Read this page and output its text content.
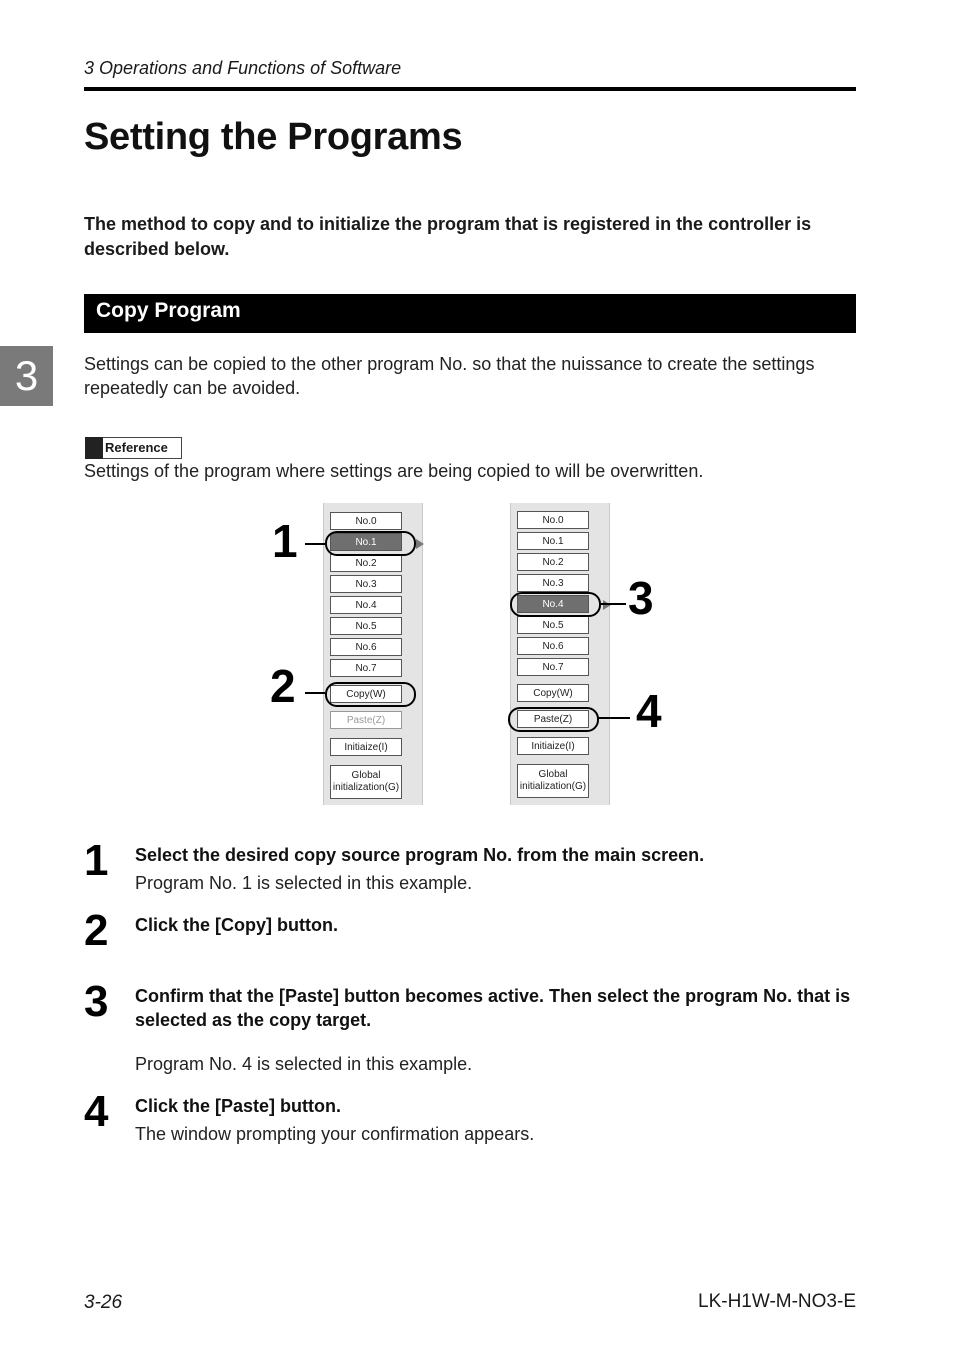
3 Operations and Functions of Software
Setting the Programs
The method to copy and to initialize the program that is registered in the controller is described below.
Copy Program
3	Settings can be copied to the other program No. so that the nuissance to create the settings repeatedly can be avoided.
Reference
Settings of the program where settings are being copied to will be overwritten.
No.0
No.1
No.2
No.3
No.4
No.5
No.6
No.7
Copy(W)
Paste(Z)
Initiaize(I)
Global
initialization(G)
No.0
No.1
No.2
No.3
No.4
No.5
No.6
No.7
Copy(W)
Paste(Z)
Initiaize(I)
Global
initialization(G)
1
2
3
4
1 Select the desired copy source program No. from the main screen.
Program No. 1 is selected in this example.
2 Click the [Copy] button.
3 Confirm that the [Paste] button becomes active. Then select the program No. that is selected as the copy target.
Program No. 4 is selected in this example.
4 Click the [Paste] button.
The window prompting your confirmation appears.
3-26	LK-H1W-M-NO3-E
